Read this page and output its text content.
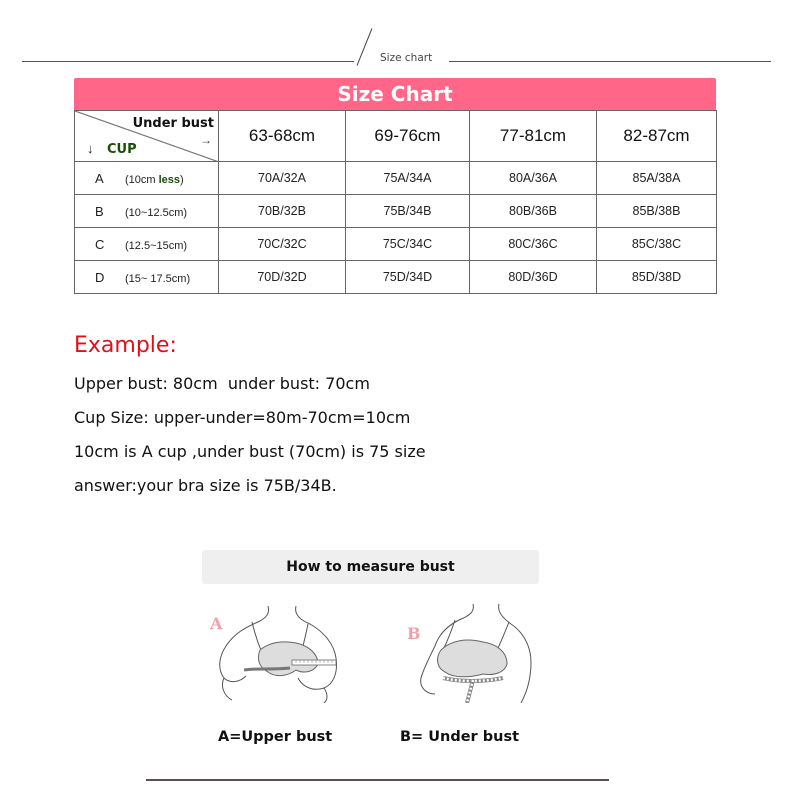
Size chart
Size Chart
Under bust
→
↓ CUP	63-68cm	69-76cm	77-81cm	82-87cm
A (10cm less)	70A/32A	75A/34A	80A/36A	85A/38A
B (10~12.5cm)	70B/32B	75B/34B	80B/36B	85B/38B
C (12.5~15cm)	70C/32C	75C/34C	80C/36C	85C/38C
D (15~ 17.5cm)	70D/32D	75D/34D	80D/36D	85D/38D
Example:
Upper bust: 80cm  under bust: 70cm
Cup Size: upper-under=80m-70cm=10cm
10cm is A cup ,under bust (70cm) is 75 size
answer:your bra size is 75B/34B.
How to measure bust
A
B
A=Upper bust	B= Under bust
